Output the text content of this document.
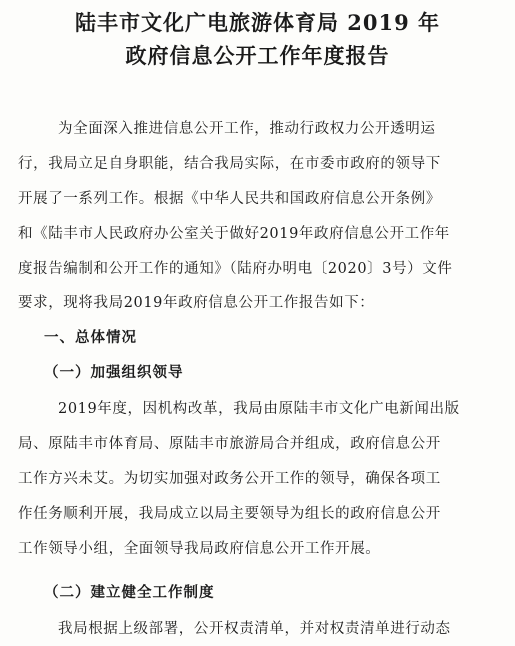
陆丰市文化广电旅游体育局 2019 年
政府信息公开工作年度报告
为全面深入推进信息公开工作，推动行政权力公开透明运
行，我局立足自身职能，结合我局实际，在市委市政府的领导下
开展了一系列工作。根据《中华人民共和国政府信息公开条例》
和《陆丰市人民政府办公室关于做好2019年政府信息公开工作年
度报告编制和公开工作的通知》（陆府办明电〔2020〕3号）文件
要求，现将我局2019年政府信息公开工作报告如下：
一、总体情况
（一）加强组织领导
2019年度，因机构改革，我局由原陆丰市文化广电新闻出版
局、原陆丰市体育局、原陆丰市旅游局合并组成，政府信息公开
工作方兴未艾。为切实加强对政务公开工作的领导，确保各项工
作任务顺利开展，我局成立以局主要领导为组长的政府信息公开
工作领导小组，全面领导我局政府信息公开工作开展。
（二）建立健全工作制度
我局根据上级部署，公开权责清单，并对权责清单进行动态
